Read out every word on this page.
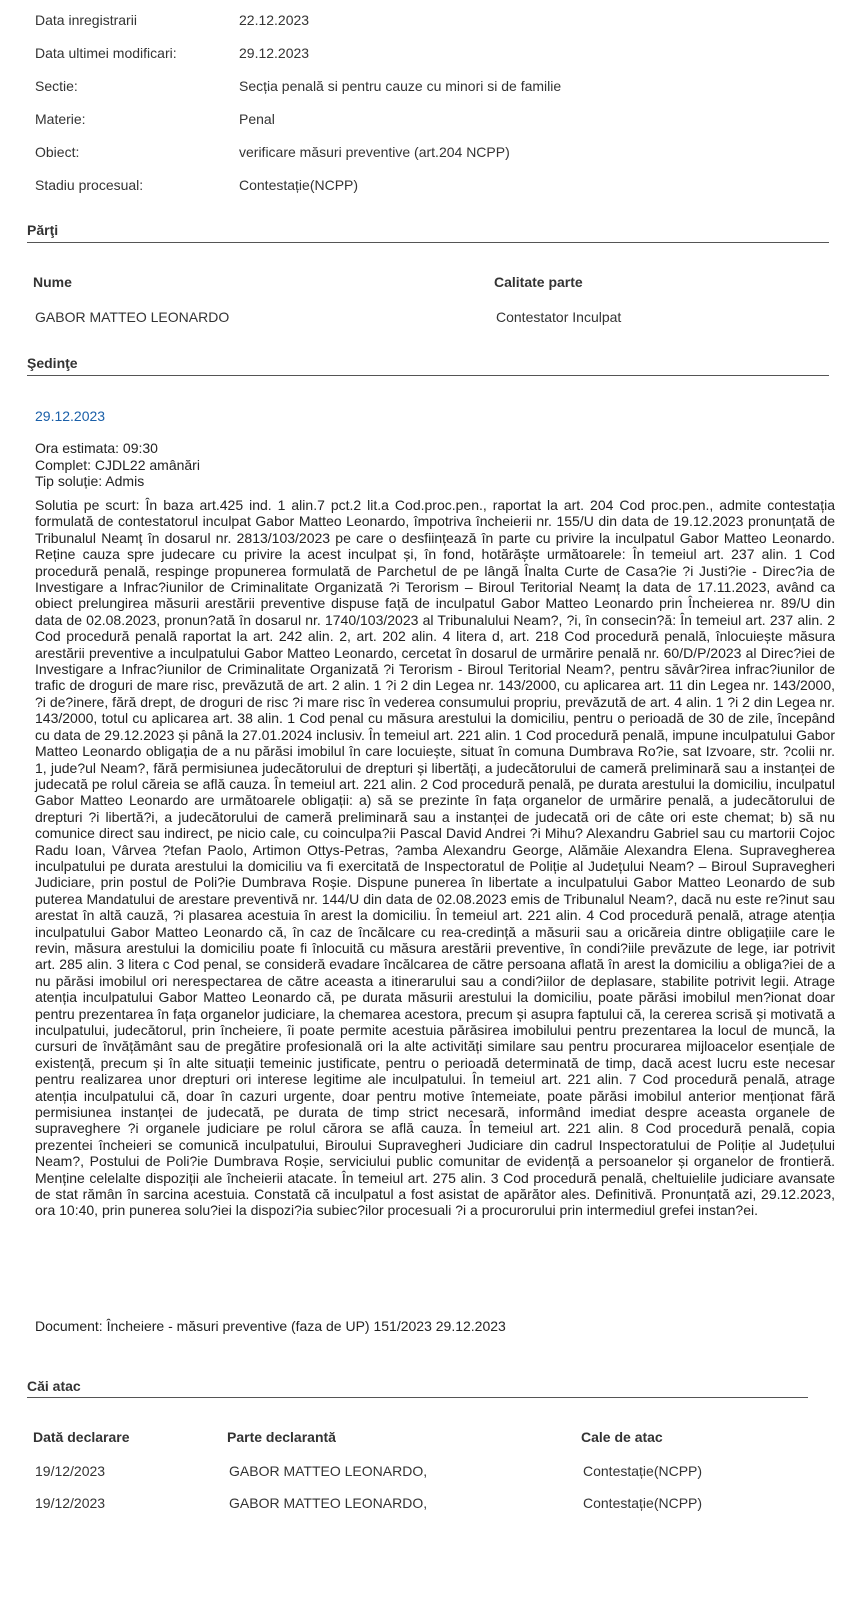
Data inregistrarii	22.12.2023
Data ultimei modificari:	29.12.2023
Sectie:	Secția penală si pentru cauze cu minori si de familie
Materie:	Penal
Obiect:	verificare măsuri preventive (art.204 NCPP)
Stadiu procesual:	Contestație(NCPP)
Părţi
Nume	Calitate parte
GABOR MATTEO LEONARDO	Contestator Inculpat
Şedinţe
29.12.2023
Ora estimata: 09:30
Complet: CJDL22 amânări
Tip soluție: Admis
Solutia pe scurt: În baza art.425 ind. 1 alin.7 pct.2 lit.a Cod.proc.pen., raportat la art. 204 Cod proc.pen., admite contestația formulată de contestatorul inculpat Gabor Matteo Leonardo, împotriva încheierii nr. 155/U din data de 19.12.2023 pronunțată de Tribunalul Neamț în dosarul nr. 2813/103/2023 pe care o desființează în parte cu privire la inculpatul Gabor Matteo Leonardo. Reține cauza spre judecare cu privire la acest inculpat și, în fond, hotărăște următoarele: În temeiul art. 237 alin. 1 Cod procedură penală, respinge propunerea formulată de Parchetul de pe lângă Înalta Curte de Casa?ie ?i Justi?ie - Direc?ia de Investigare a Infrac?iunilor de Criminalitate Organizată ?i Terorism – Biroul Teritorial Neamț la data de 17.11.2023, având ca obiect prelungirea măsurii arestării preventive dispuse față de inculpatul Gabor Matteo Leonardo prin Încheierea nr. 89/U din data de 02.08.2023, pronun?ată în dosarul nr. 1740/103/2023 al Tribunalului Neam?, ?i, în consecin?ă: În temeiul art. 237 alin. 2 Cod procedură penală raportat la art. 242 alin. 2, art. 202 alin. 4 litera d, art. 218 Cod procedură penală, înlocuiește măsura arestării preventive a inculpatului Gabor Matteo Leonardo, cercetat în dosarul de urmărire penală nr. 60/D/P/2023 al Direc?iei de Investigare a Infrac?iunilor de Criminalitate Organizată ?i Terorism - Biroul Teritorial Neam?, pentru săvâr?irea infrac?iunilor de trafic de droguri de mare risc, prevăzută de art. 2 alin. 1 ?i 2 din Legea nr. 143/2000, cu aplicarea art. 11 din Legea nr. 143/2000, ?i de?inere, fără drept, de droguri de risc ?i mare risc în vederea consumului propriu, prevăzută de art. 4 alin. 1 ?i 2 din Legea nr. 143/2000, totul cu aplicarea art. 38 alin. 1 Cod penal cu măsura arestului la domiciliu, pentru o perioadă de 30 de zile, începând cu data de 29.12.2023 și până la 27.01.2024 inclusiv. În temeiul art. 221 alin. 1 Cod procedură penală, impune inculpatului Gabor Matteo Leonardo obligația de a nu părăsi imobilul în care locuiește, situat în comuna Dumbrava Ro?ie, sat Izvoare, str. ?colii nr. 1, jude?ul Neam?, fără permisiunea judecătorului de drepturi și libertăți, a judecătorului de cameră preliminară sau a instanței de judecată pe rolul căreia se află cauza. În temeiul art. 221 alin. 2 Cod procedură penală, pe durata arestului la domiciliu, inculpatul Gabor Matteo Leonardo are următoarele obligații: a) să se prezinte în fața organelor de urmărire penală, a judecătorului de drepturi ?i libertă?i, a judecătorului de cameră preliminară sau a instanței de judecată ori de câte ori este chemat; b) să nu comunice direct sau indirect, pe nicio cale, cu coinculpa?ii Pascal David Andrei ?i Mihu? Alexandru Gabriel sau cu martorii Cojoc Radu Ioan, Vârvea ?tefan Paolo, Artimon Ottys-Petras, ?amba Alexandru George, Alămăie Alexandra Elena. Supravegherea inculpatului pe durata arestului la domiciliu va fi exercitată de Inspectoratul de Poliție al Județului Neam? – Biroul Supravegheri Judiciare, prin postul de Poli?ie Dumbrava Roșie. Dispune punerea în libertate a inculpatului Gabor Matteo Leonardo de sub puterea Mandatului de arestare preventivă nr. 144/U din data de 02.08.2023 emis de Tribunalul Neam?, dacă nu este re?inut sau arestat în altă cauză, ?i plasarea acestuia în arest la domiciliu. În temeiul art. 221 alin. 4 Cod procedură penală, atrage atenția inculpatului Gabor Matteo Leonardo că, în caz de încălcare cu rea-credință a măsurii sau a oricăreia dintre obligațiile care le revin, măsura arestului la domiciliu poate fi înlocuită cu măsura arestării preventive, în condi?iile prevăzute de lege, iar potrivit art. 285 alin. 3 litera c Cod penal, se consideră evadare încălcarea de către persoana aflată în arest la domiciliu a obliga?iei de a nu părăsi imobilul ori nerespectarea de către aceasta a itinerarului sau a condi?iilor de deplasare, stabilite potrivit legii. Atrage atenția inculpatului Gabor Matteo Leonardo că, pe durata măsurii arestului la domiciliu, poate părăsi imobilul men?ionat doar pentru prezentarea în fața organelor judiciare, la chemarea acestora, precum și asupra faptului că, la cererea scrisă și motivată a inculpatului, judecătorul, prin încheiere, îi poate permite acestuia părăsirea imobilului pentru prezentarea la locul de muncă, la cursuri de învățământ sau de pregătire profesională ori la alte activități similare sau pentru procurarea mijloacelor esențiale de existență, precum și în alte situații temeinic justificate, pentru o perioadă determinată de timp, dacă acest lucru este necesar pentru realizarea unor drepturi ori interese legitime ale inculpatului. În temeiul art. 221 alin. 7 Cod procedură penală, atrage atenția inculpatului că, doar în cazuri urgente, doar pentru motive întemeiate, poate părăsi imobilul anterior menționat fără permisiunea instanței de judecată, pe durata de timp strict necesară, informând imediat despre aceasta organele de supraveghere ?i organele judiciare pe rolul cărora se află cauza. În temeiul art. 221 alin. 8 Cod procedură penală, copia prezentei încheieri se comunică inculpatului, Biroului Supravegheri Judiciare din cadrul Inspectoratului de Poliție al Județului Neam?, Postului de Poli?ie Dumbrava Roșie, serviciului public comunitar de evidență a persoanelor și organelor de frontieră. Menține celelalte dispoziții ale încheierii atacate. În temeiul art. 275 alin. 3 Cod procedură penală, cheltuielile judiciare avansate de stat rămân în sarcina acestuia. Constată că inculpatul a fost asistat de apărător ales. Definitivă. Pronunțată azi, 29.12.2023, ora 10:40, prin punerea solu?iei la dispozi?ia subiec?ilor procesuali ?i a procurorului prin intermediul grefei instan?ei.
Document: Încheiere - măsuri preventive (faza de UP) 151/2023 29.12.2023
Căi atac
Dată declarare	Parte declarantă	Cale de atac
19/12/2023	GABOR MATTEO LEONARDO,	Contestație(NCPP)
19/12/2023	GABOR MATTEO LEONARDO,	Contestație(NCPP)
